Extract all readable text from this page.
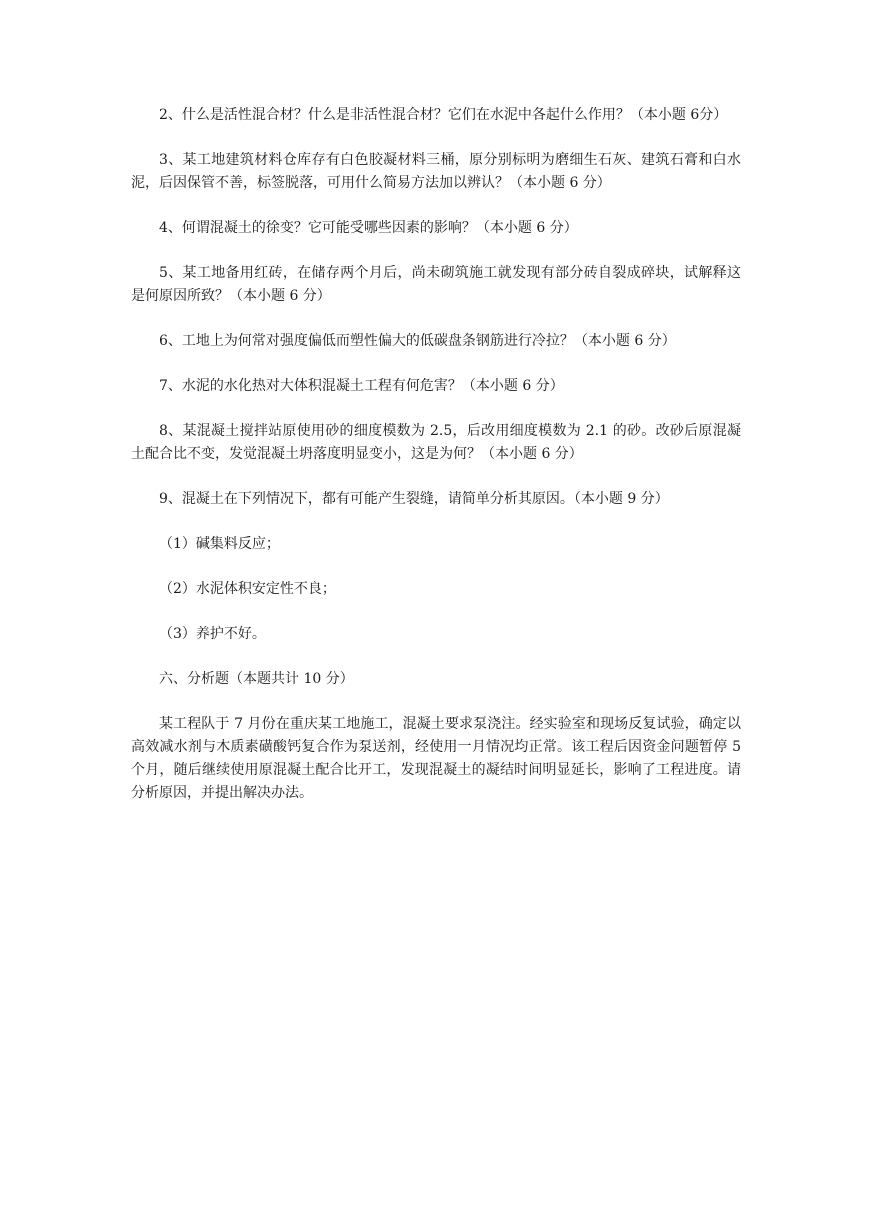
2、什么是活性混合材？什么是非活性混合材？它们在水泥中各起什么作用？（本小题 6分）

3、某工地建筑材料仓库存有白色胶凝材料三桶，原分别标明为磨细生石灰、建筑石膏和白水泥，后因保管不善，标签脱落，可用什么简易方法加以辨认？（本小题 6 分）

4、何谓混凝土的徐变？它可能受哪些因素的影响？（本小题 6 分）

5、某工地备用红砖，在储存两个月后，尚未砌筑施工就发现有部分砖自裂成碎块，试解释这是何原因所致？（本小题 6 分）

6、工地上为何常对强度偏低而塑性偏大的低碳盘条钢筋进行冷拉？（本小题 6 分）

7、水泥的水化热对大体积混凝土工程有何危害？（本小题 6 分）

8、某混凝土搅拌站原使用砂的细度模数为 2.5，后改用细度模数为 2.1 的砂。改砂后原混凝土配合比不变，发觉混凝土坍落度明显变小，这是为何？（本小题 6 分）

9、混凝土在下列情况下，都有可能产生裂缝，请简单分析其原因。（本小题 9 分）

（1）碱集料反应；

（2）水泥体积安定性不良；

（3）养护不好。

六、分析题（本题共计 10 分）

某工程队于 7 月份在重庆某工地施工，混凝土要求泵浇注。经实验室和现场反复试验，确定以高效减水剂与木质素磺酸钙复合作为泵送剂，经使用一月情况均正常。该工程后因资金问题暂停 5 个月，随后继续使用原混凝土配合比开工，发现混凝土的凝结时间明显延长，影响了工程进度。请分析原因，并提出解决办法。
